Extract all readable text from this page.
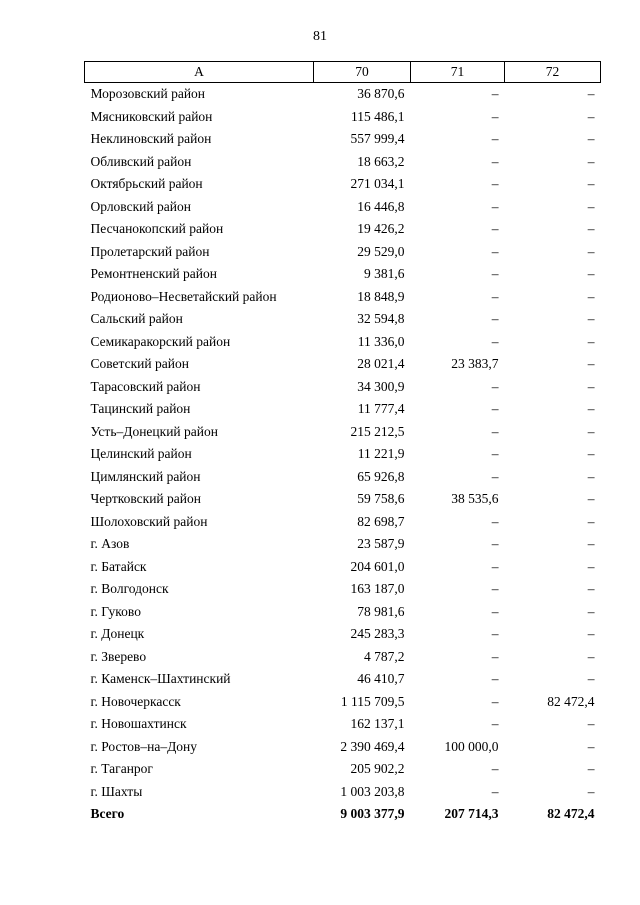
81
А	70	71	72
Морозовский район	36 870,6	–	–
Мясниковский район	115 486,1	–	–
Неклиновский район	557 999,4	–	–
Обливский район	18 663,2	–	–
Октябрьский район	271 034,1	–	–
Орловский район	16 446,8	–	–
Песчанокопский район	19 426,2	–	–
Пролетарский район	29 529,0	–	–
Ремонтненский район	9 381,6	–	–
Родионово–Несветайский район	18 848,9	–	–
Сальский район	32 594,8	–	–
Семикаракорский район	11 336,0	–	–
Советский район	28 021,4	23 383,7	–
Тарасовский район	34 300,9	–	–
Тацинский район	11 777,4	–	–
Усть–Донецкий район	215 212,5	–	–
Целинский район	11 221,9	–	–
Цимлянский район	65 926,8	–	–
Чертковский район	59 758,6	38 535,6	–
Шолоховский район	82 698,7	–	–
г. Азов	23 587,9	–	–
г. Батайск	204 601,0	–	–
г. Волгодонск	163 187,0	–	–
г. Гуково	78 981,6	–	–
г. Донецк	245 283,3	–	–
г. Зверево	4 787,2	–	–
г. Каменск–Шахтинский	46 410,7	–	–
г. Новочеркасск	1 115 709,5	–	82 472,4
г. Новошахтинск	162 137,1	–	–
г. Ростов–на–Дону	2 390 469,4	100 000,0	–
г. Таганрог	205 902,2	–	–
г. Шахты	1 003 203,8	–	–
Всего	9 003 377,9	207 714,3	82 472,4
